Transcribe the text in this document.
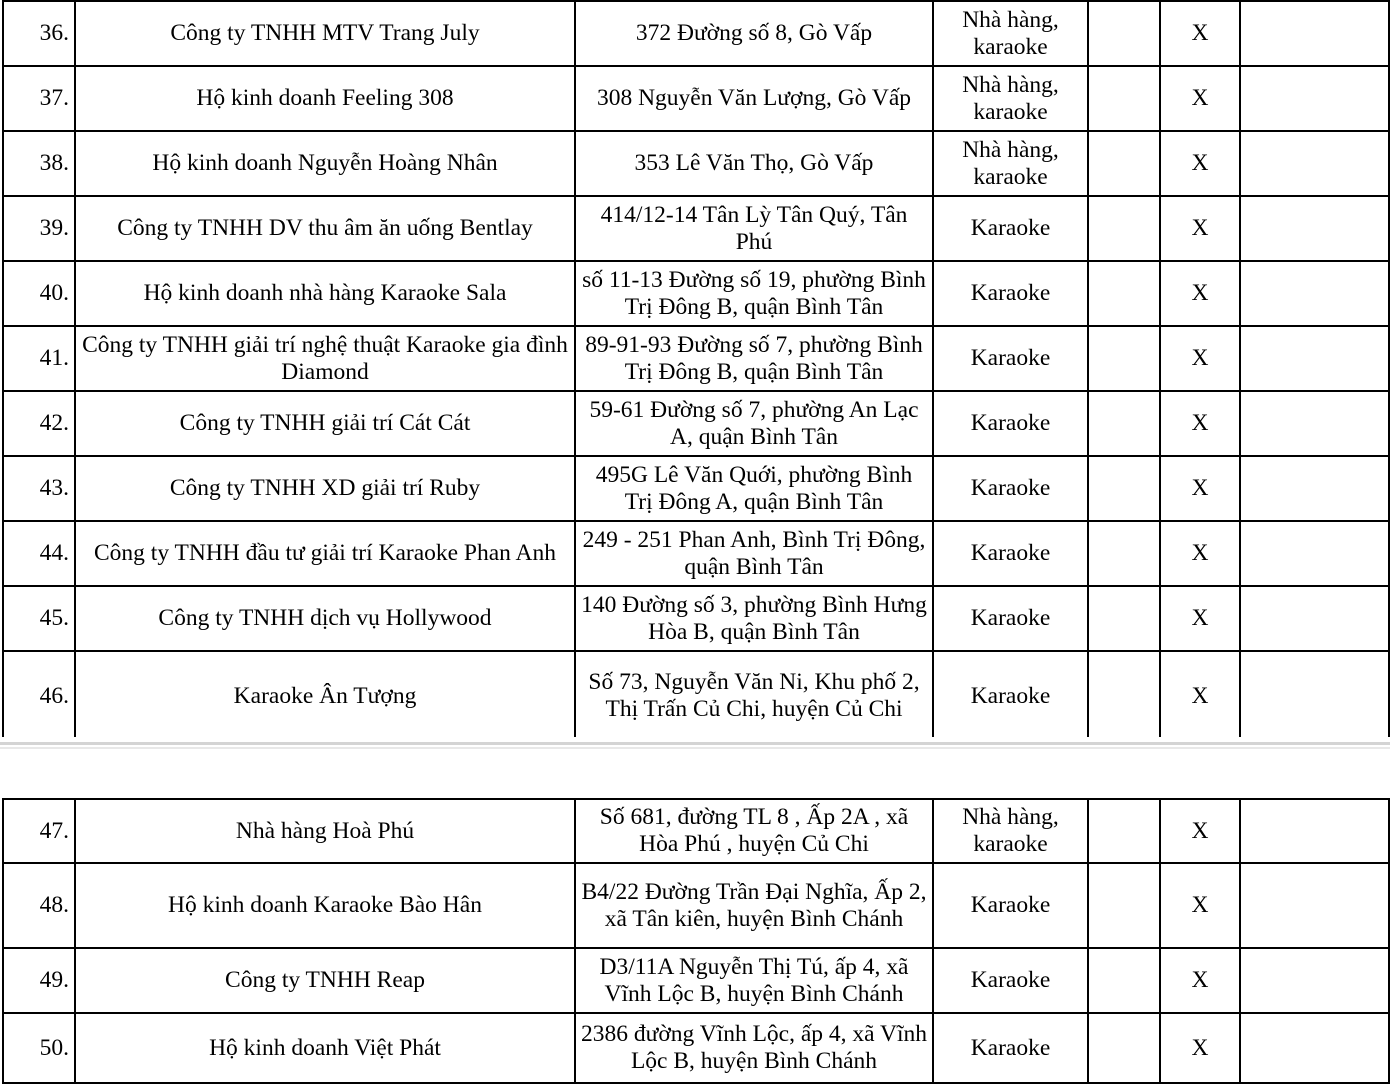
36.	Công ty TNHH MTV Trang July	372 Đường số 8, Gò Vấp	Nhà hàng, karaoke		X	
37.	Hộ kinh doanh Feeling 308	308 Nguyễn Văn Lượng, Gò Vấp	Nhà hàng, karaoke		X	
38.	Hộ kinh doanh Nguyễn Hoàng Nhân	353 Lê Văn Thọ, Gò Vấp	Nhà hàng, karaoke		X	
39.	Công ty TNHH DV thu âm ăn uống Bentlay	414/12-14 Tân Lỳ Tân Quý, Tân Phú	Karaoke		X	
40.	Hộ kinh doanh nhà hàng Karaoke Sala	số 11-13 Đường số 19, phường Bình Trị Đông B, quận Bình Tân	Karaoke		X	
41.	Công ty TNHH giải trí nghệ thuật Karaoke gia đình Diamond	89-91-93 Đường số 7, phường Bình Trị Đông B, quận Bình Tân	Karaoke		X	
42.	Công ty TNHH giải trí Cát Cát	59-61 Đường số 7, phường An Lạc A, quận Bình Tân	Karaoke		X	
43.	Công ty TNHH XD giải trí Ruby	495G Lê Văn Quới, phường Bình Trị Đông A, quận Bình Tân	Karaoke		X	
44.	Công ty TNHH đầu tư giải trí Karaoke Phan Anh	249 - 251 Phan Anh, Bình Trị Đông, quận Bình Tân	Karaoke		X	
45.	Công ty TNHH dịch vụ Hollywood	140 Đường số 3, phường Bình Hưng Hòa B, quận Bình Tân	Karaoke		X	
46.	Karaoke Ân Tượng	Số 73, Nguyễn Văn Ni, Khu phố 2, Thị Trấn Củ Chi, huyện Củ Chi	Karaoke		X	
47.	Nhà hàng Hoà Phú	Số 681, đường TL 8 , Ấp 2A , xã Hòa Phú , huyện Củ Chi	Nhà hàng, karaoke		X	
48.	Hộ kinh doanh Karaoke Bào Hân	B4/22 Đường Trần Đại Nghĩa, Ấp 2, xã Tân kiên, huyện Bình Chánh	Karaoke		X	
49.	Công ty TNHH Reap	D3/11A Nguyễn Thị Tú, ấp 4, xã Vĩnh Lộc B, huyện Bình Chánh	Karaoke		X	
50.	Hộ kinh doanh Việt Phát	2386 đường Vĩnh Lộc, ấp 4, xã Vĩnh Lộc B, huyện Bình Chánh	Karaoke		X	
